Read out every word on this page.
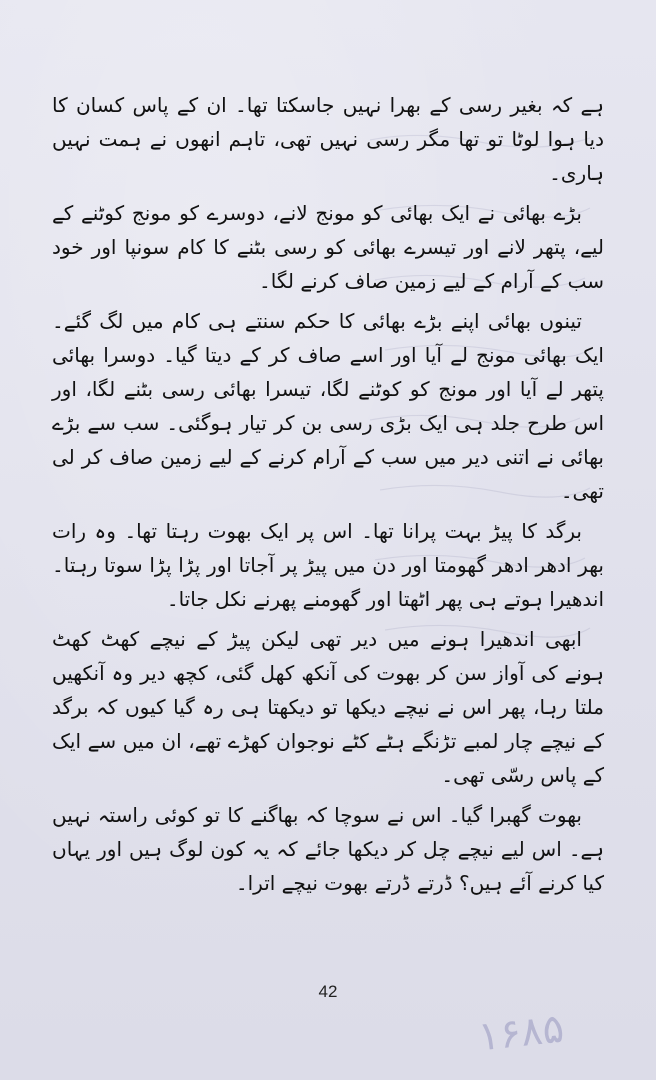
ہے کہ بغیر رسی کے بھرا نہیں جاسکتا تھا۔ ان کے پاس کسان کا دیا ہوا لوٹا تو تھا مگر رسی نہیں تھی، تاہم انھوں نے ہمت نہیں ہاری۔

بڑے بھائی نے ایک بھائی کو مونج لانے، دوسرے کو مونج کوٹنے کے لیے، پتھر لانے اور تیسرے بھائی کو رسی بٹنے کا کام سونپا اور خود سب کے آرام کے لیے زمین صاف کرنے لگا۔

تینوں بھائی اپنے بڑے بھائی کا حکم سنتے ہی کام میں لگ گئے۔ ایک بھائی مونج لے آیا اور اسے صاف کر کے دیتا گیا۔ دوسرا بھائی پتھر لے آیا اور مونج کو کوٹنے لگا، تیسرا بھائی رسی بٹنے لگا، اور اس طرح جلد ہی ایک بڑی رسی بن کر تیار ہوگئی۔ سب سے بڑے بھائی نے اتنی دیر میں سب کے آرام کرنے کے لیے زمین صاف کر لی تھی۔

برگد کا پیڑ بہت پرانا تھا۔ اس پر ایک بھوت رہتا تھا۔ وہ رات بھر ادھر ادھر گھومتا اور دن میں پیڑ پر آجاتا اور پڑا پڑا سوتا رہتا۔ اندھیرا ہوتے ہی پھر اٹھتا اور گھومنے پھرنے نکل جاتا۔

ابھی اندھیرا ہونے میں دیر تھی لیکن پیڑ کے نیچے کھٹ کھٹ ہونے کی آواز سن کر بھوت کی آنکھ کھل گئی، کچھ دیر وہ آنکھیں ملتا رہا، پھر اس نے نیچے دیکھا تو دیکھتا ہی رہ گیا کیوں کہ برگد کے نیچے چار لمبے تڑنگے ہٹے کٹے نوجوان کھڑے تھے، ان میں سے ایک کے پاس رسّی تھی۔

بھوت گھبرا گیا۔ اس نے سوچا کہ بھاگنے کا تو کوئی راستہ نہیں ہے۔ اس لیے نیچے چل کر دیکھا جائے کہ یہ کون لوگ ہیں اور یہاں کیا کرنے آئے ہیں؟ ڈرتے ڈرتے بھوت نیچے اترا۔

42
۱۶۸۵
